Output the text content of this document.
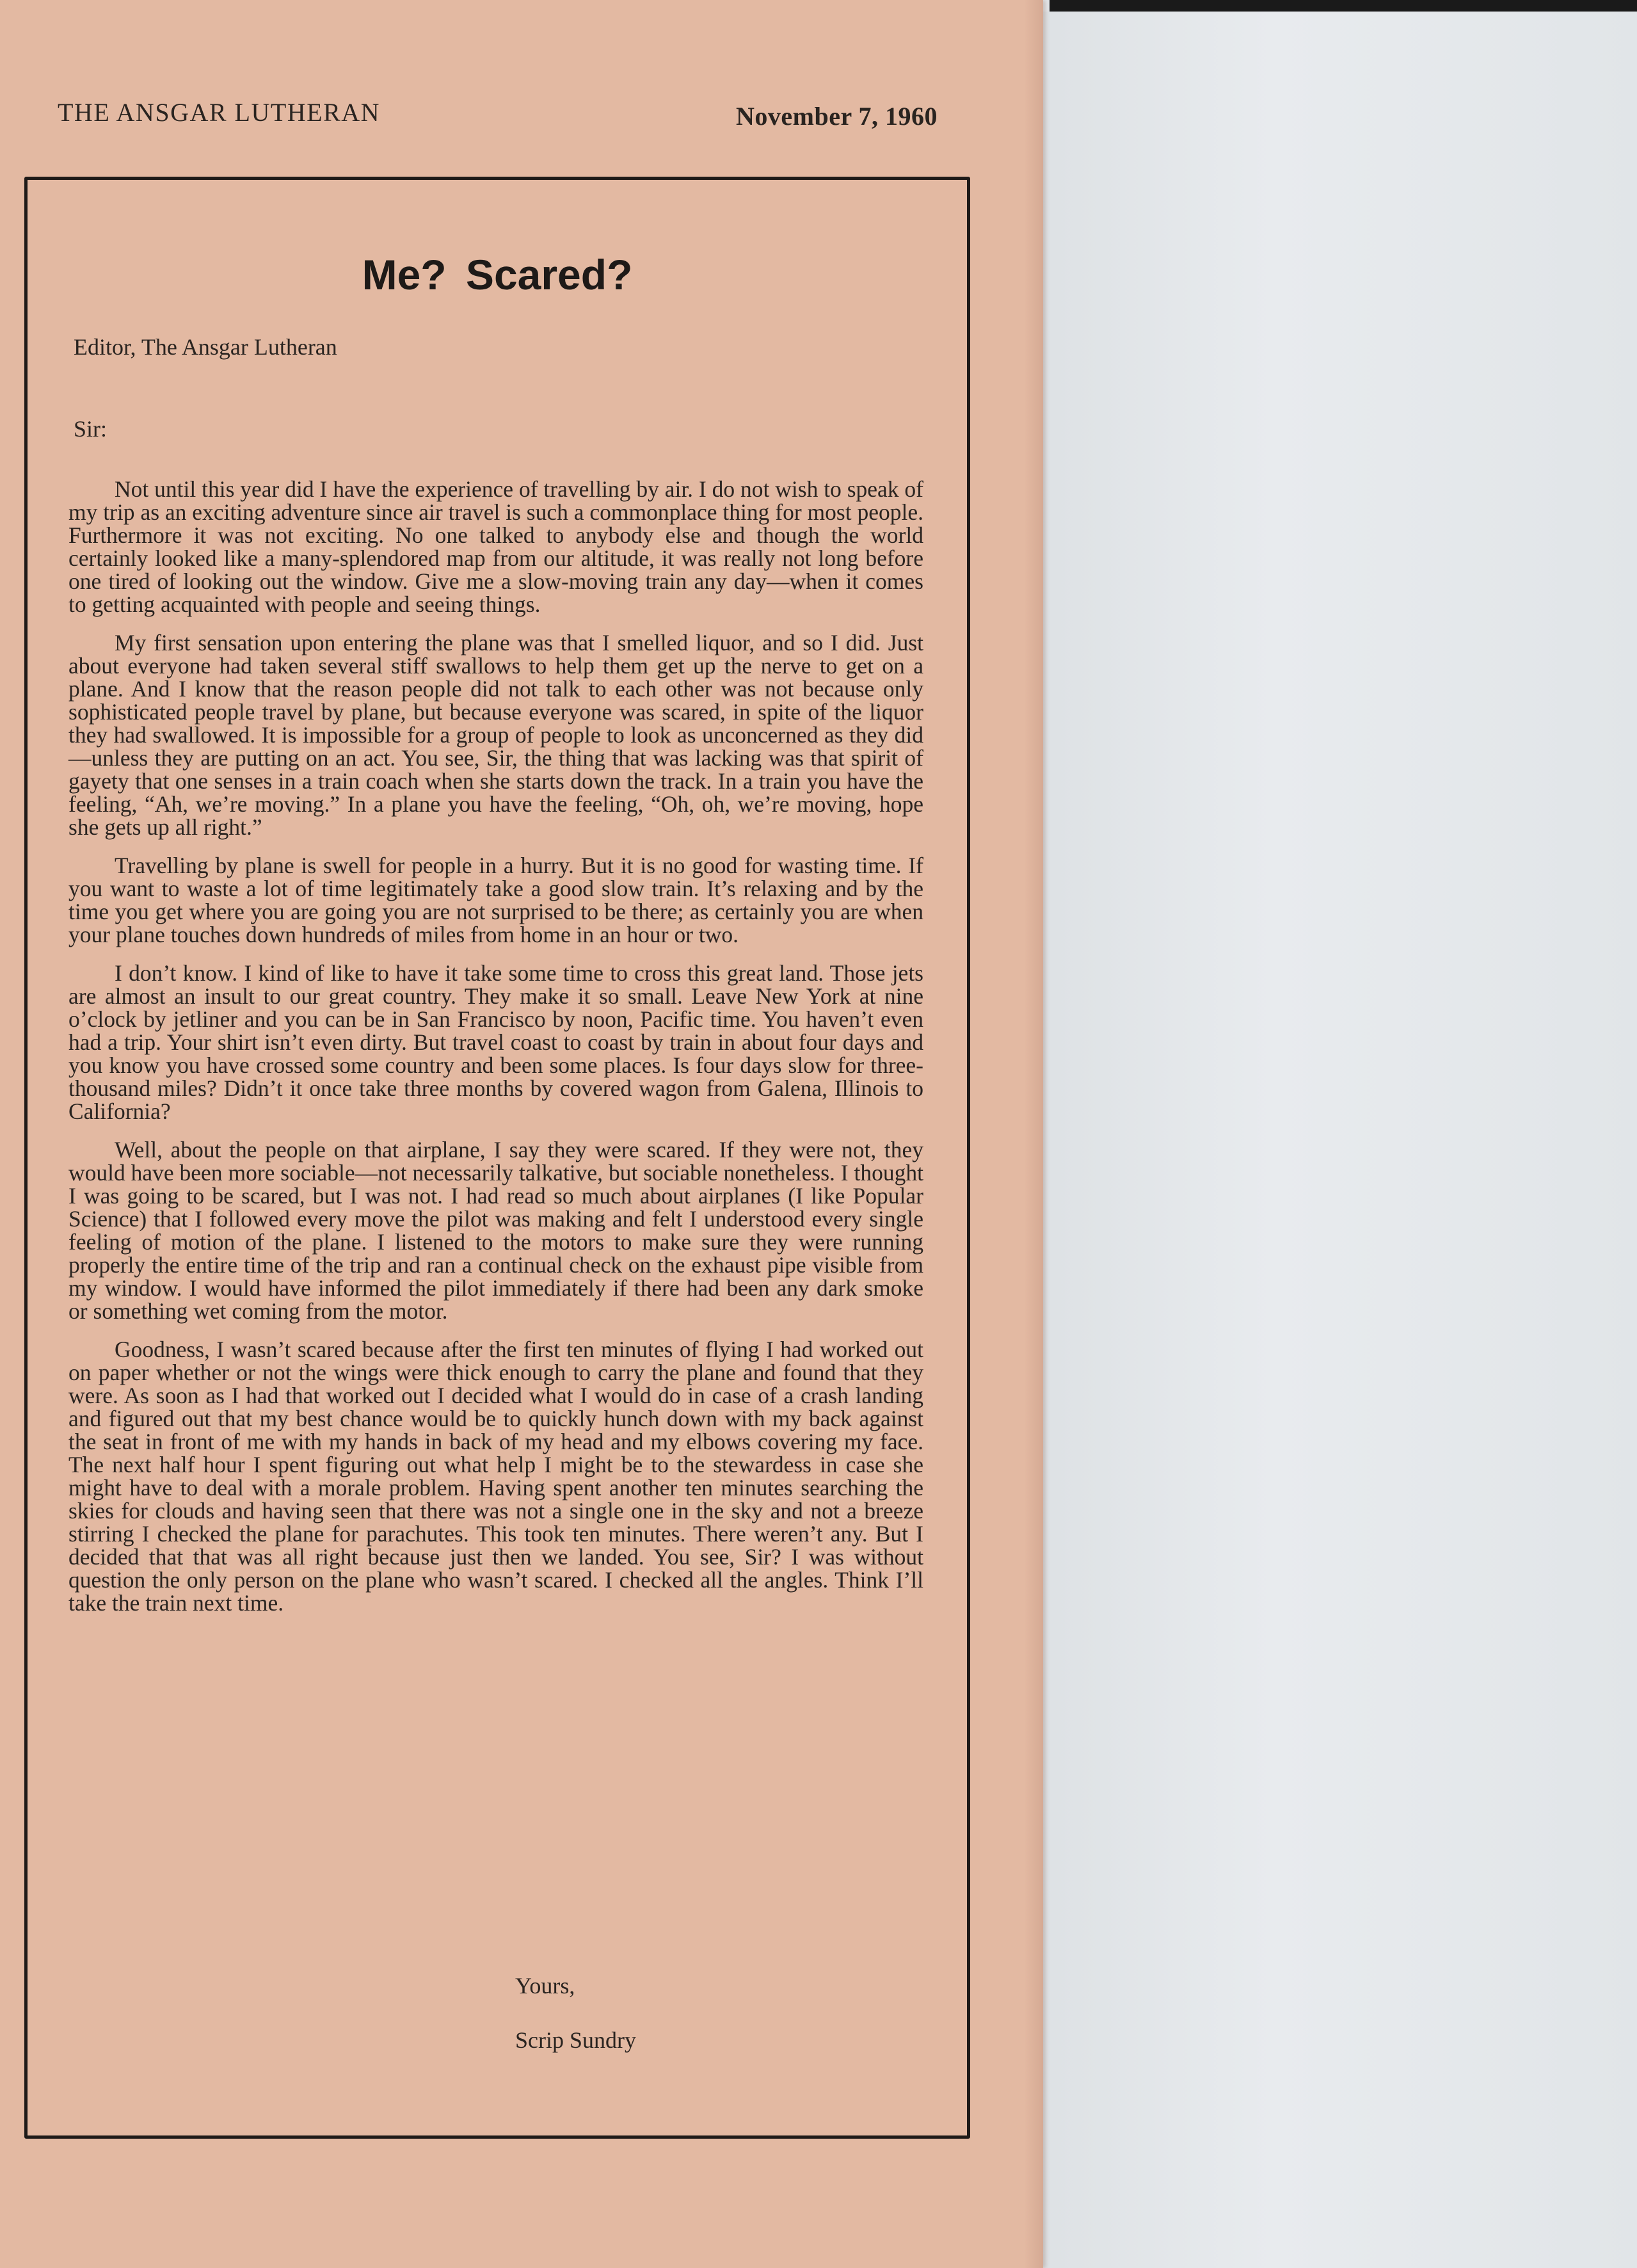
THE ANSGAR LUTHERAN	November 7, 1960
Me? Scared?
Editor, The Ansgar Lutheran
Sir:

Not until this year did I have the experience of travelling by air. I do not wish to speak of my trip as an exciting adventure since air travel is such a commonplace thing for most people. Furthermore it was not exciting. No one talked to anybody else and though the world certainly looked like a many-splendored map from our altitude, it was really not long before one tired of looking out the window. Give me a slow-moving train any day—when it comes to getting acquainted with people and seeing things.

My first sensation upon entering the plane was that I smelled liquor, and so I did. Just about everyone had taken several stiff swallows to help them get up the nerve to get on a plane. And I know that the reason people did not talk to each other was not because only sophisticated people travel by plane, but because everyone was scared, in spite of the liquor they had swallowed. It is impossible for a group of people to look as unconcerned as they did—unless they are putting on an act. You see, Sir, the thing that was lacking was that spirit of gayety that one senses in a train coach when she starts down the track. In a train you have the feeling, “Ah, we’re moving.” In a plane you have the feeling, “Oh, oh, we’re moving, hope she gets up all right.”

Travelling by plane is swell for people in a hurry. But it is no good for wasting time. If you want to waste a lot of time legitimately take a good slow train. It’s relaxing and by the time you get where you are going you are not surprised to be there; as certainly you are when your plane touches down hundreds of miles from home in an hour or two.

I don’t know. I kind of like to have it take some time to cross this great land. Those jets are almost an insult to our great country. They make it so small. Leave New York at nine o’clock by jetliner and you can be in San Francisco by noon, Pacific time. You haven’t even had a trip. Your shirt isn’t even dirty. But travel coast to coast by train in about four days and you know you have crossed some country and been some places. Is four days slow for three-thousand miles? Didn’t it once take three months by covered wagon from Galena, Illinois to California?

Well, about the people on that airplane, I say they were scared. If they were not, they would have been more sociable—not necessarily talkative, but sociable nonetheless. I thought I was going to be scared, but I was not. I had read so much about airplanes (I like Popular Science) that I followed every move the pilot was making and felt I understood every single feeling of motion of the plane. I listened to the motors to make sure they were running properly the entire time of the trip and ran a continual check on the exhaust pipe visible from my window. I would have informed the pilot immediately if there had been any dark smoke or something wet coming from the motor.

Goodness, I wasn’t scared because after the first ten minutes of flying I had worked out on paper whether or not the wings were thick enough to carry the plane and found that they were. As soon as I had that worked out I decided what I would do in case of a crash landing and figured out that my best chance would be to quickly hunch down with my back against the seat in front of me with my hands in back of my head and my elbows covering my face. The next half hour I spent figuring out what help I might be to the stewardess in case she might have to deal with a morale problem. Having spent another ten minutes searching the skies for clouds and having seen that there was not a single one in the sky and not a breeze stirring I checked the plane for parachutes. This took ten minutes. There weren’t any. But I decided that that was all right because just then we landed. You see, Sir? I was without question the only person on the plane who wasn’t scared. I checked all the angles. Think I’ll take the train next time.

Yours,
Scrip Sundry
